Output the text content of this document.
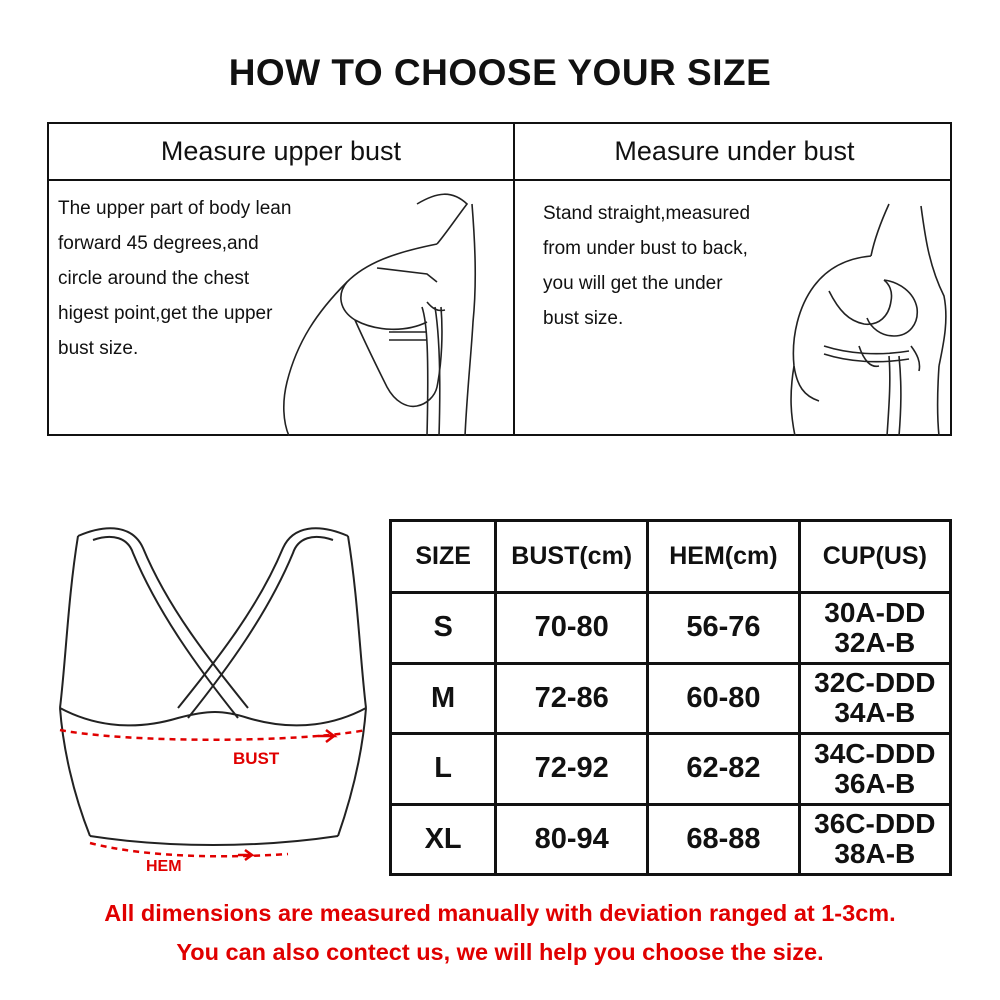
HOW TO CHOOSE YOUR SIZE
Measure upper bust	Measure under bust
The upper part of body lean
forward 45 degrees,and
circle around the chest
higest point,get the upper
bust size.
Stand straight,measured
from under bust to back,
you will get the under
bust size.
BUST
HEM
SIZE	BUST(cm)	HEM(cm)	CUP(US)
S	70-80	56-76	30A-DD
32A-B

M	72-86	60-80	32C-DDD
34A-B

L	72-92	62-82	34C-DDD
36A-B

XL	80-94	68-88	36C-DDD
38A-B
All dimensions are measured manually with deviation ranged at 1-3cm.
You can also contect us, we will help you choose the size.
